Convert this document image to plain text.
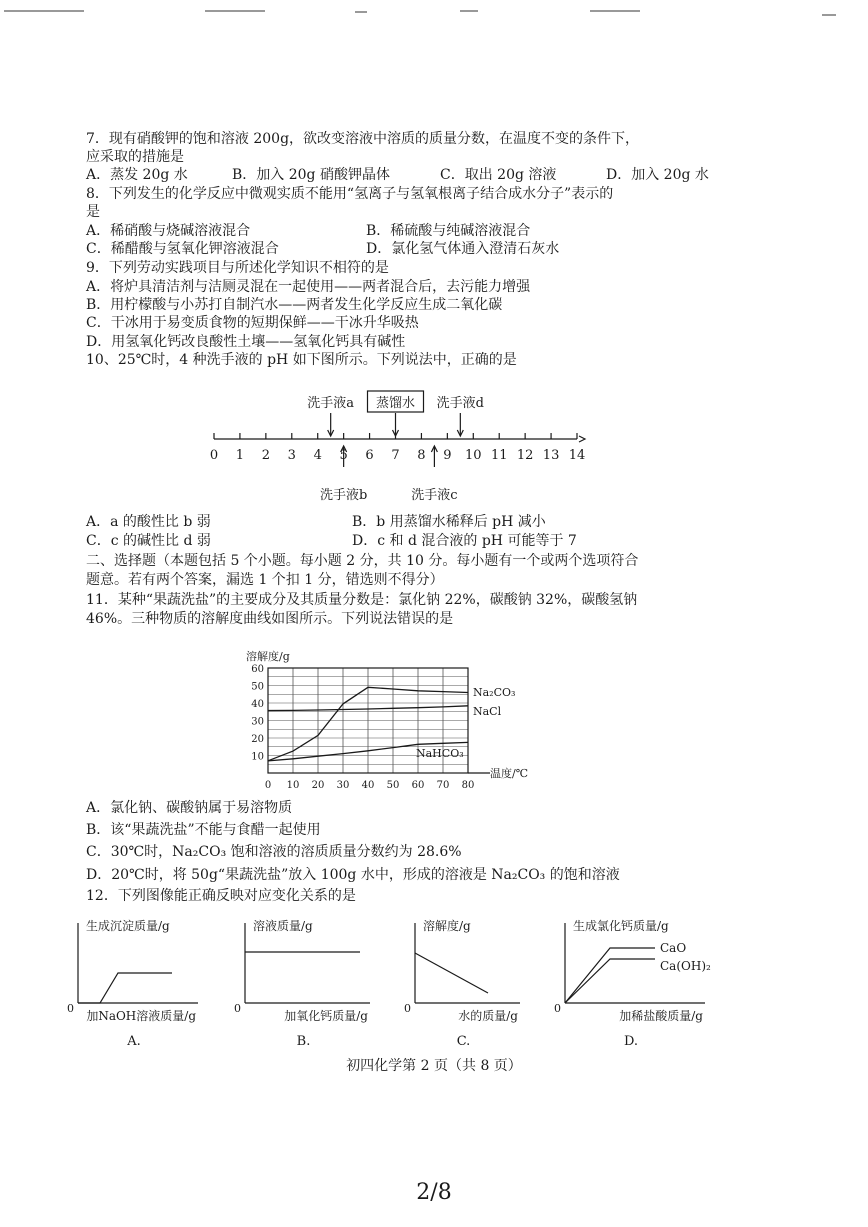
7．现有硝酸钾的饱和溶液 200g，欲改变溶液中溶质的质量分数，在温度不变的条件下，
应采取的措施是
A．蒸发 20g 水	B．加入 20g 硝酸钾晶体	C．取出 20g 溶液	D．加入 20g 水
8．下列发生的化学反应中微观实质不能用“氢离子与氢氧根离子结合成水分子”表示的
是
A．稀硝酸与烧碱溶液混合	B．稀硫酸与纯碱溶液混合
C．稀醋酸与氢氧化钾溶液混合	D．氯化氢气体通入澄清石灰水
9．下列劳动实践项目与所述化学知识不相符的是
A．将炉具清洁剂与洁厕灵混在一起使用——两者混合后，去污能力增强
B．用柠檬酸与小苏打自制汽水——两者发生化学反应生成二氧化碳
C．干冰用于易变质食物的短期保鲜——干冰升华吸热
D．用氢氧化钙改良酸性土壤——氢氧化钙具有碱性
10、25℃时，4 种洗手液的 pH 如下图所示。下列说法中，正确的是
0 1 2 3 4 5 6 7 8 9 10 11 12 13 14
洗手液a 蒸馏水 洗手液d
洗手液b	洗手液c
A．a 的酸性比 b 弱	B．b 用蒸馏水稀释后 pH 减小
C．c 的碱性比 d 弱	D．c 和 d 混合液的 pH 可能等于 7
二、选择题（本题包括 5 个小题。每小题 2 分，共 10 分。每小题有一个或两个选项符合
题意。若有两个答案，漏选 1 个扣 1 分，错选则不得分）
11．某种“果蔬洗盐”的主要成分及其质量分数是：氯化钠 22%，碳酸钠 32%，碳酸氢钠
46%。三种物质的溶解度曲线如图所示。下列说法错误的是
溶解度/g
温度/℃
10
20
30
40
50
60
0 10 20 30 40 50 60 70 80
Na₂CO₃
NaCl
NaHCO₃
A．氯化钠、碳酸钠属于易溶物质
B．该“果蔬洗盐”不能与食醋一起使用
C．30℃时，Na₂CO₃ 饱和溶液的溶质质量分数约为 28.6%
D．20℃时，将 50g“果蔬洗盐”放入 100g 水中，形成的溶液是 Na₂CO₃ 的饱和溶液
12．下列图像能正确反映对应变化关系的是
生成沉淀质量/g
加NaOH溶液质量/g
0
A.
溶液质量/g
加氧化钙质量/g
0
B.
溶解度/g
水的质量/g
0
C.
生成氯化钙质量/g
加稀盐酸质量/g
0
D.
CaO
Ca(OH)₂
初四化学第 2 页（共 8 页）
2/8
